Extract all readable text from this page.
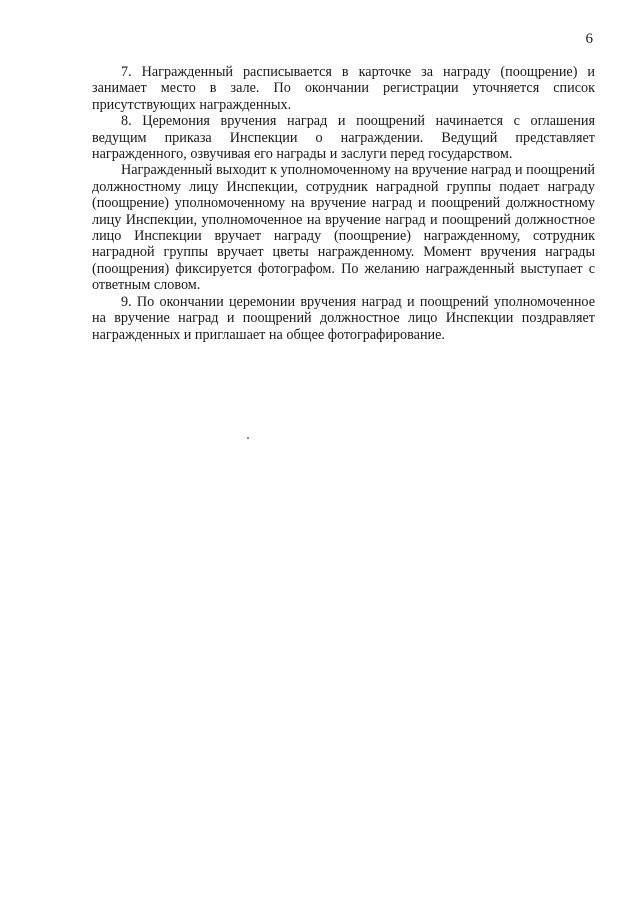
6

7. Награжденный расписывается в карточке за награду (поощрение) и занимает место в зале. По окончании регистрации уточняется список присутствующих награжденных.

8. Церемония вручения наград и поощрений начинается с оглашения ведущим приказа Инспекции о награждении. Ведущий представляет награжденного, озвучивая его награды и заслуги перед государством.

Награжденный выходит к уполномоченному на вручение наград и поощрений должностному лицу Инспекции, сотрудник наградной группы подает награду (поощрение) уполномоченному на вручение наград и поощрений должностному лицу Инспекции, уполномоченное на вручение наград и поощрений должностное лицо Инспекции вручает награду (поощрение) награжденному, сотрудник наградной группы вручает цветы награжденному. Момент вручения награды (поощрения) фиксируется фотографом. По желанию награжденный выступает с ответным словом.

9. По окончании церемонии вручения наград и поощрений уполномоченное на вручение наград и поощрений должностное лицо Инспекции поздравляет награжденных и приглашает на общее фотографирование.
